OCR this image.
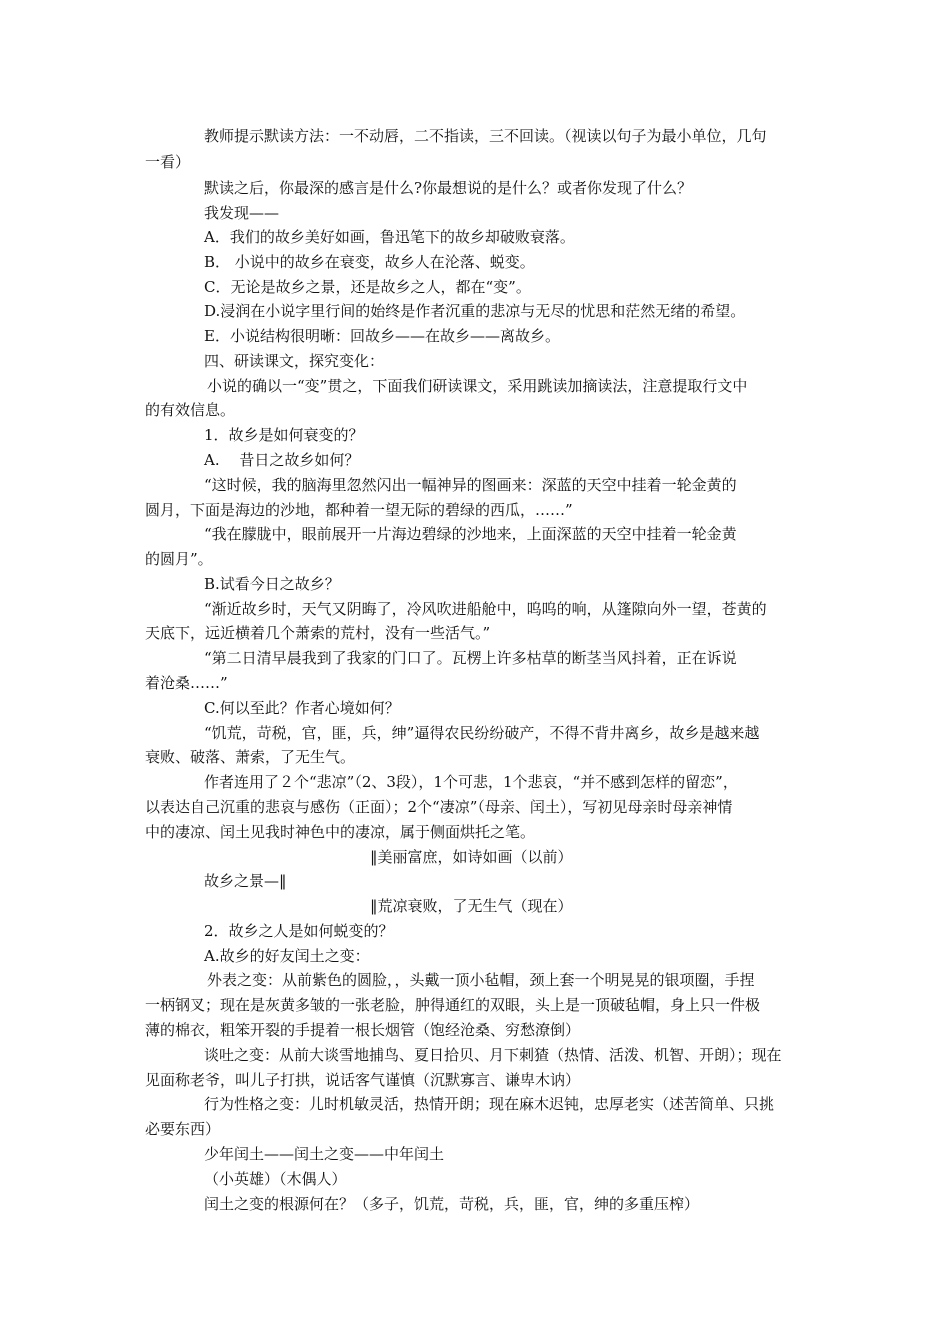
教师提示默读方法：一不动唇，二不指读，三不回读。（视读以句子为最小单位，几句
一看）
默读之后，你最深的感言是什么?你最想说的是什么？或者你发现了什么？
我发现——
A．我们的故乡美好如画，鲁迅笔下的故乡却破败衰落。
B． 小说中的故乡在衰变，故乡人在沦落、蜕变。
C．无论是故乡之景，还是故乡之人，都在“变”。
D.浸润在小说字里行间的始终是作者沉重的悲凉与无尽的忧思和茫然无绪的希望。
E．小说结构很明晰：回故乡——在故乡——离故乡。
四、研读课文，探究变化：
小说的确以一“变”贯之，下面我们研读课文，采用跳读加摘读法，注意提取行文中
的有效信息。
1．故乡是如何衰变的？
A.　 昔日之故乡如何？
“这时候，我的脑海里忽然闪出一幅神异的图画来：深蓝的天空中挂着一轮金黄的
圆月，下面是海边的沙地，都种着一望无际的碧绿的西瓜，……”
“我在朦胧中，眼前展开一片海边碧绿的沙地来，上面深蓝的天空中挂着一轮金黄
的圆月”。
B.试看今日之故乡？
“渐近故乡时，天气又阴晦了，冷风吹进船舱中，呜呜的响，从篷隙向外一望，苍黄的
天底下，远近横着几个萧索的荒村，没有一些活气。”
“第二日清早晨我到了我家的门口了。瓦楞上许多枯草的断茎当风抖着，正在诉说
着沧桑……”
C.何以至此？作者心境如何？
“饥荒，苛税，官，匪，兵，绅”逼得农民纷纷破产，不得不背井离乡，故乡是越来越
衰败、破落、萧索，了无生气。
作者连用了２个“悲凉”（2、3段），1个可悲，1个悲哀，“并不感到怎样的留恋”，
以表达自己沉重的悲哀与感伤（正面）；2个“凄凉”（母亲、闰土），写初见母亲时母亲神情
中的凄凉、闰土见我时神色中的凄凉，属于侧面烘托之笔。
‖美丽富庶，如诗如画（以前）
故乡之景—‖
‖荒凉衰败，了无生气（现在）
2．故乡之人是如何蜕变的？
A.故乡的好友闰土之变：
外表之变：从前紫色的圆脸，，头戴一顶小毡帽，颈上套一个明晃晃的银项圈，手捏
一柄钢叉；现在是灰黄多皱的一张老脸，肿得通红的双眼，头上是一顶破毡帽，身上只一件极
薄的棉衣，粗笨开裂的手提着一根长烟管（饱经沧桑、穷愁潦倒）
谈吐之变：从前大谈雪地捕鸟、夏日拾贝、月下刺猹（热情、活泼、机智、开朗）；现在
见面称老爷，叫儿子打拱，说话客气谨慎（沉默寡言、谦卑木讷）
行为性格之变：儿时机敏灵活，热情开朗；现在麻木迟钝，忠厚老实（述苦简单、只挑
必要东西）
少年闰土——闰土之变——中年闰土
（小英雄）（木偶人）
闰土之变的根源何在？（多子，饥荒，苛税，兵，匪，官，绅的多重压榨）
